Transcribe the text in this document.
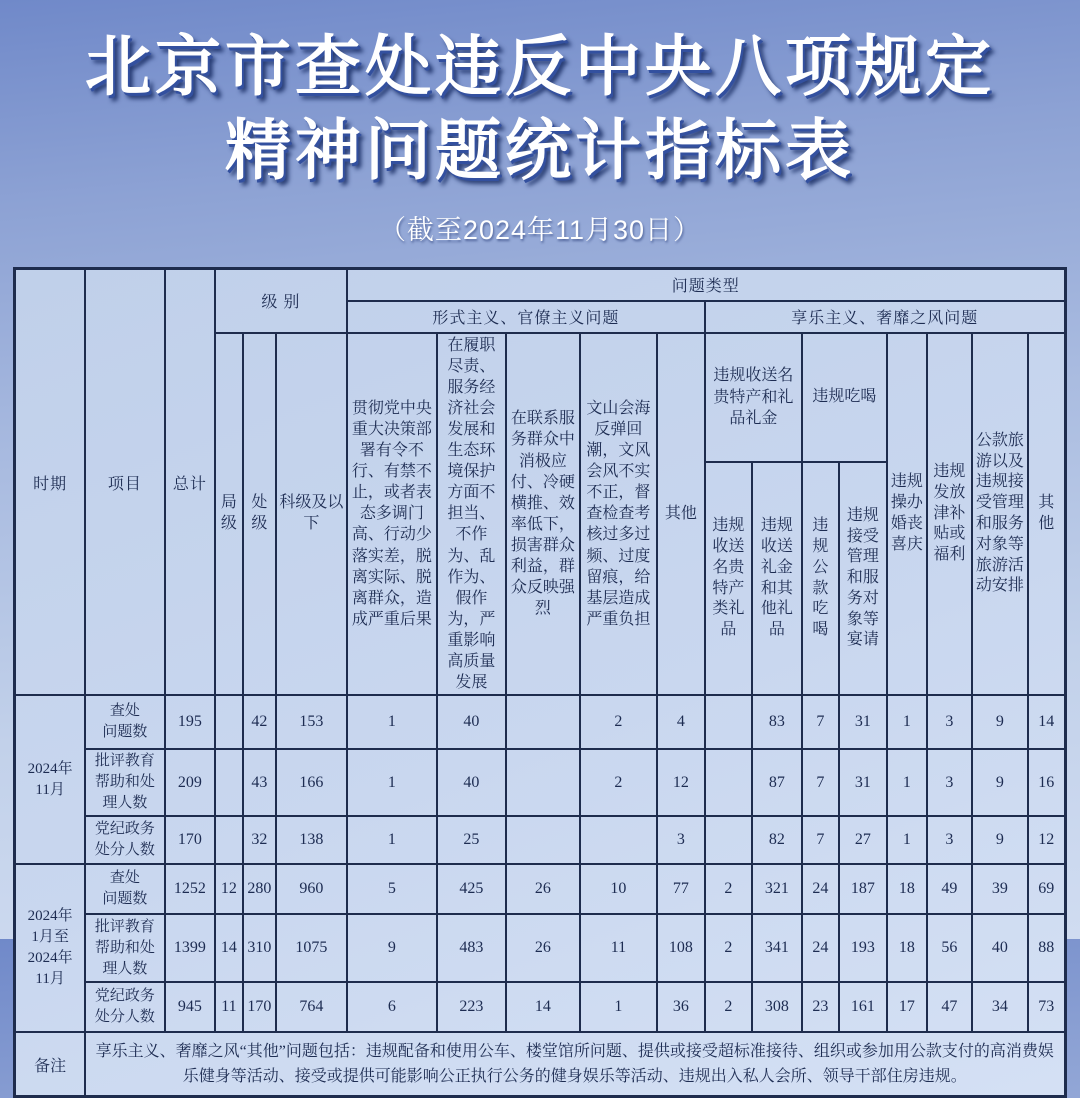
北京市查处违反中央八项规定
精神问题统计指标表
（截至2024年11月30日）
时期	项目	总计	级 别			问题类型												
						形式主义、官僚主义问题					享乐主义、奢靡之风问题							
			局级	处级	科级及以下	贯彻党中央重大决策部署有令不行、有禁不止，或者表态多调门高、行动少落实差，脱离实际、脱离群众，造成严重后果	在履职尽责、服务经济社会发展和生态环境保护方面不担当、不作为、乱作为、假作为，严重影响高质量发展	在联系服务群众中消极应付、冷硬横推、效率低下，损害群众利益，群众反映强烈	文山会海反弹回潮，文风会风不实不正，督查检查考核过多过频、过度留痕，给基层造成严重负担	其他	违规收送名贵特产和礼品礼金		违规吃喝		违规操办婚丧喜庆	违规发放津补贴或福利	公款旅游以及违规接受管理和服务对象等旅游活动安排	其他
											违规收送名贵特产类礼品	违规收送礼金和其他礼品	违规公款吃喝	违规接受管理和服务对象等宴请				

2024年
11月	查处
问题数	195		42	153	1	40		2	4		83	7	31	1	3	9	14

	批评教育
帮助和处
理人数	209		43	166	1	40		2	12		87	7	31	1	3	9	16

	党纪政务
处分人数	170		32	138	1	25			3		82	7	27	1	3	9	12

2024年
1月至
2024年
11月	查处
问题数	1252	12	280	960	5	425	26	10	77	2	321	24	187	18	49	39	69

	批评教育
帮助和处
理人数	1399	14	310	1075	9	483	26	11	108	2	341	24	193	18	56	40	88

	党纪政务
处分人数	945	11	170	764	6	223	14	1	36	2	308	23	161	17	47	34	73
备注	享乐主义、奢靡之风“其他”问题包括：违规配备和使用公车、楼堂馆所问题、提供或接受超标准接待、组织或参加用公款支付的高消费娱乐健身等活动、接受或提供可能影响公正执行公务的健身娱乐等活动、违规出入私人会所、领导干部住房违规。																	
